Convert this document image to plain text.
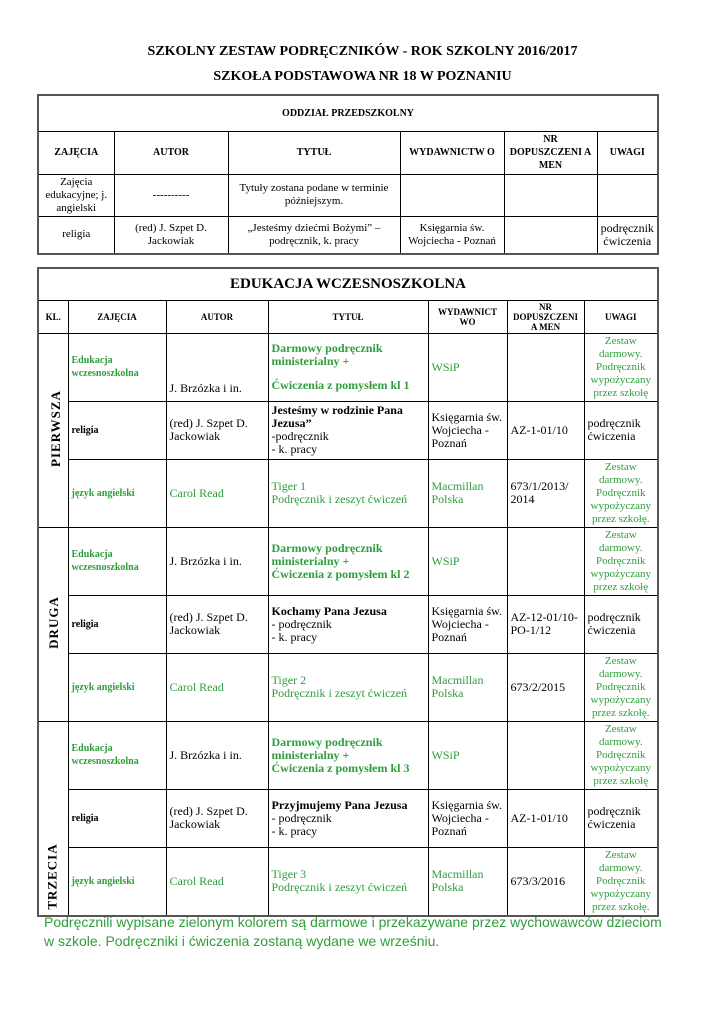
SZKOLNY ZESTAW PODRĘCZNIKÓW - ROK SZKOLNY 2016/2017
SZKOŁA PODSTAWOWA NR 18 W POZNANIU
ODDZIAŁ PRZEDSZKOLNY					
ZAJĘCIA	AUTOR	TYTUŁ	WYDAWNICTW O	NR DOPUSZCZENI A MEN	UWAGI
Zajęcia edukacyjne; j. angielski	----------	Tytuły zostana podane w terminie późniejszym.			
religia	(red) J. Szpet D. Jackowiak	„Jesteśmy dziećmi Bożymi” – podręcznik, k. pracy	Księgarnia św. Wojciecha - Poznań		podręcznik ćwiczenia
EDUKACJA WCZESNOSZKOLNA						
KL.	ZAJĘCIA	AUTOR	TYTUŁ	WYDAWNICT WO	NR DOPUSZCZENI A MEN	UWAGI

PIERWSZA	Edukacja wczesnoszkolna	J. Brzózka i in.	Darmowy podręcznik ministerialny +
Ćwiczenia z pomysłem kl 1	WSiP		Zestaw darmowy. Podręcznik wypożyczany przez szkołę
	religia	(red) J. Szpet D. Jackowiak	Jesteśmy w rodzinie Pana Jezusa”
-podręcznik
- k. pracy	Księgarnia św. Wojciecha - Poznań	AZ-1-01/10	podręcznik ćwiczenia
	język angielski	Carol Read	Tiger 1
Podręcznik i zeszyt ćwiczeń	Macmillan Polska	673/1/2013/ 2014	Zestaw darmowy. Podręcznik wypożyczany przez szkołę.

DRUGA	Edukacja wczesnoszkolna	J. Brzózka i in.	Darmowy podręcznik ministerialny +
Ćwiczenia z pomysłem kl 2	WSiP		Zestaw darmowy. Podręcznik wypożyczany przez szkołę
	religia	(red) J. Szpet D. Jackowiak	Kochamy Pana Jezusa
- podręcznik
- k. pracy	Księgarnia św. Wojciecha - Poznań	AZ-12-01/10-PO-1/12	podręcznik ćwiczenia
	język angielski	Carol Read	Tiger 2
Podręcznik i zeszyt ćwiczeń	Macmillan Polska	673/2/2015	Zestaw darmowy. Podręcznik wypożyczany przez szkołę.

TRZECIA	Edukacja wczesnoszkolna	J. Brzózka i in.	Darmowy podręcznik ministerialny +
Ćwiczenia z pomysłem kl 3	WSiP		Zestaw darmowy. Podręcznik wypożyczany przez szkołę
	religia	(red) J. Szpet D. Jackowiak	Przyjmujemy Pana Jezusa
- podręcznik
- k. pracy	Księgarnia św. Wojciecha - Poznań	AZ-1-01/10	podręcznik ćwiczenia
	język angielski	Carol Read	Tiger 3
Podręcznik i zeszyt ćwiczeń	Macmillan Polska	673/3/2016	Zestaw darmowy. Podręcznik wypożyczany przez szkołę.
Podręcznili wypisane zielonym kolorem są darmowe i przekazywane przez wychowawców dzieciom w szkole. Podręczniki i ćwiczenia zostaną wydane we wrześniu.
